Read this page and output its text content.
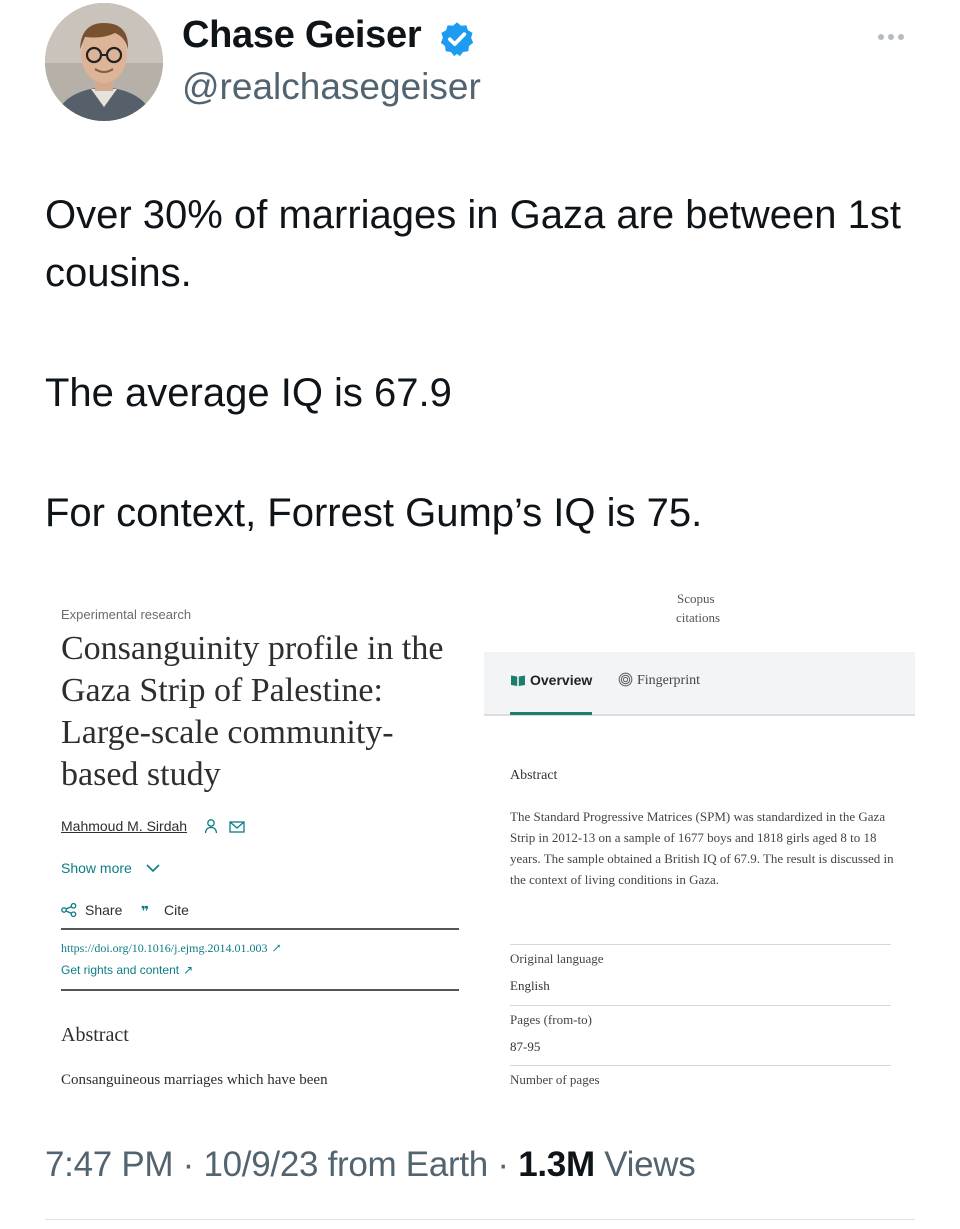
Chase Geiser
@realchasegeiser
Over 30% of marriages in Gaza are between 1st cousins.
The average IQ is 67.9
For context, Forrest Gump’s IQ is 75.
Experimental research
Consanguinity profile in the Gaza Strip of Palestine: Large-scale community-based study
Mahmoud M. Sirdah
Show more
Share ❞ Cite
https://doi.org/10.1016/j.ejmg.2014.01.003 ↗
Get rights and content ↗
Abstract
Consanguineous marriages which have been
Scopus
citations
Overview	Fingerprint
Abstract
The Standard Progressive Matrices (SPM) was standardized in the Gaza Strip in 2012-13 on a sample of 1677 boys and 1818 girls aged 8 to 18 years. The sample obtained a British IQ of 67.9. The result is discussed in the context of living conditions in Gaza.
Original language
English
Pages (from-to)
87-95
Number of pages
7:47 PM · 10/9/23 from Earth · 1.3M Views
